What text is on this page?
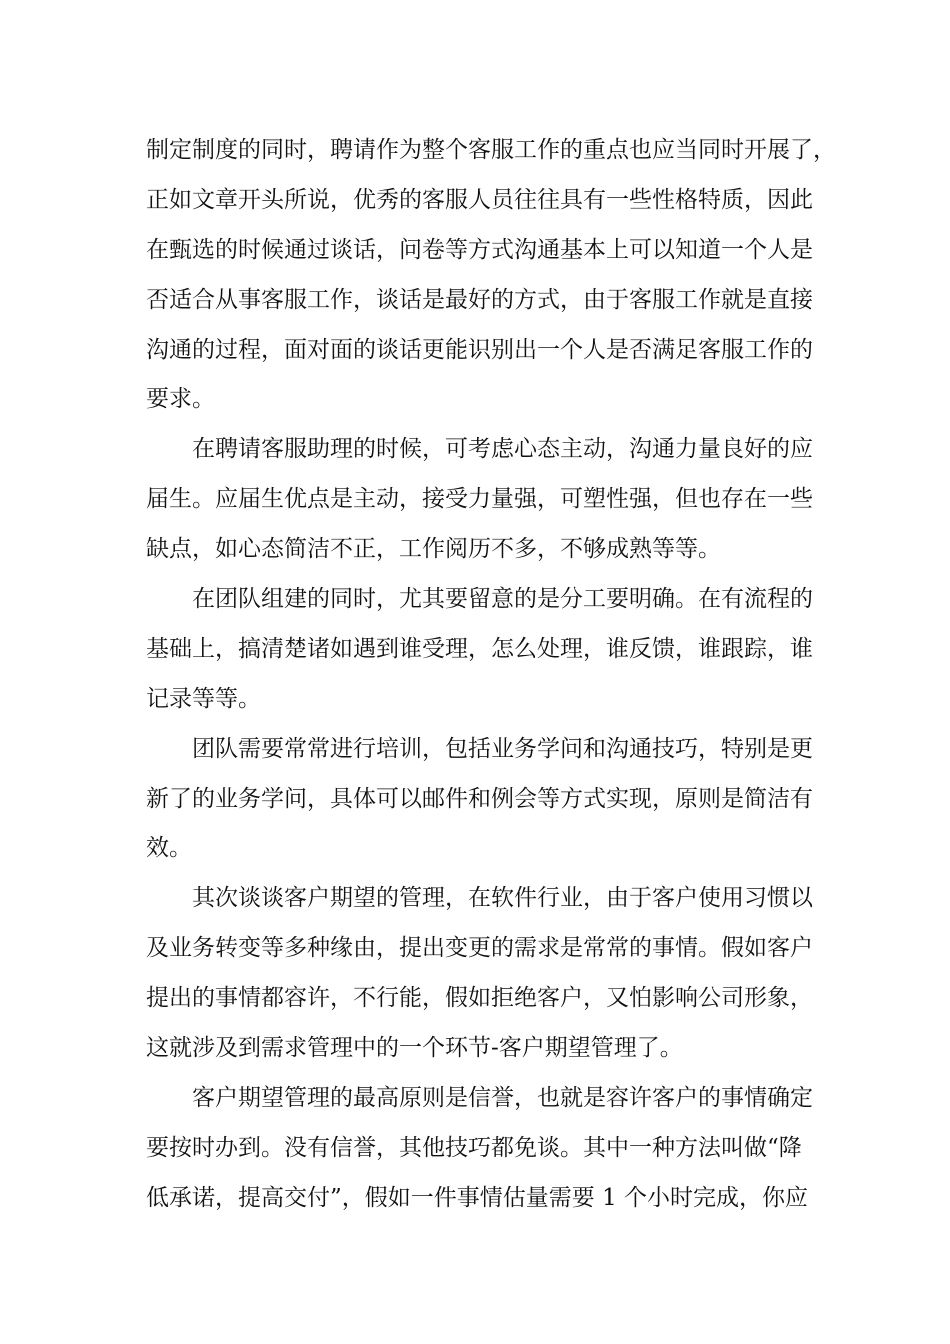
制定制度的同时，聘请作为整个客服工作的重点也应当同时开展了，
正如文章开头所说，优秀的客服人员往往具有一些性格特质，因此
在甄选的时候通过谈话，问卷等方式沟通基本上可以知道一个人是
否适合从事客服工作，谈话是最好的方式，由于客服工作就是直接
沟通的过程，面对面的谈话更能识别出一个人是否满足客服工作的
要求。
在聘请客服助理的时候，可考虑心态主动，沟通力量良好的应
届生。应届生优点是主动，接受力量强，可塑性强，但也存在一些
缺点，如心态简洁不正，工作阅历不多，不够成熟等等。
在团队组建的同时，尤其要留意的是分工要明确。在有流程的
基础上，搞清楚诸如遇到谁受理，怎么处理，谁反馈，谁跟踪，谁
记录等等。
团队需要常常进行培训，包括业务学问和沟通技巧，特别是更
新了的业务学问，具体可以邮件和例会等方式实现，原则是简洁有
效。
其次谈谈客户期望的管理，在软件行业，由于客户使用习惯以
及业务转变等多种缘由，提出变更的需求是常常的事情。假如客户
提出的事情都容许，不行能，假如拒绝客户，又怕影响公司形象，
这就涉及到需求管理中的一个环节-客户期望管理了。
客户期望管理的最高原则是信誉，也就是容许客户的事情确定
要按时办到。没有信誉，其他技巧都免谈。其中一种方法叫做“降
低承诺，提高交付”，假如一件事情估量需要 1 个小时完成，你应
